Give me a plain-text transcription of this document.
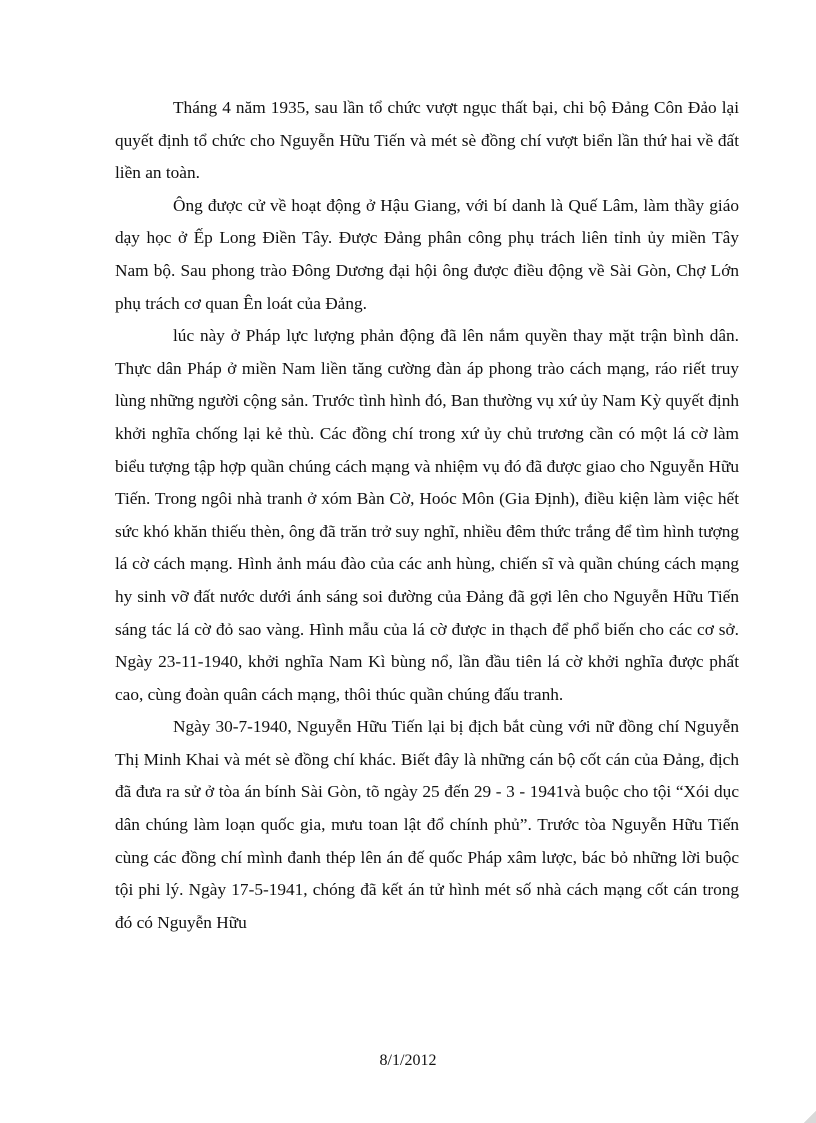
Tháng 4 năm 1935, sau lần tổ chức vượt ngục thất bại, chi bộ Đảng Côn Đảo lại quyết định tổ chức cho Nguyễn Hữu Tiến và mét sè đồng chí vượt biển lần thứ hai về đất liền an toàn.

Ông được cử về hoạt động ở Hậu Giang, với bí danh là Quế Lâm, làm thầy giáo dạy học ở Ếp Long Điền Tây. Được Đảng phân công phụ trách liên tỉnh ủy miền Tây Nam bộ. Sau phong trào Đông Dương đại hội ông được điều động về Sài Gòn, Chợ Lớn phụ trách cơ quan Ên loát của Đảng.

lúc này ở Pháp lực lượng phản động đã lên nắm quyền thay mặt trận bình dân. Thực dân Pháp ở miền Nam liền tăng cường đàn áp phong trào cách mạng, ráo riết truy lùng những người cộng sản. Trước tình hình đó, Ban thường vụ xứ ủy Nam Kỳ quyết định khởi nghĩa chống lại kẻ thù. Các đồng chí trong xứ ủy chủ trương cần có một lá cờ làm biểu tượng tập hợp quần chúng cách mạng và nhiệm vụ đó đã được giao cho Nguyễn Hữu Tiến. Trong ngôi nhà tranh ở xóm Bàn Cờ, Hoóc Môn (Gia Định), điều kiện làm việc hết sức khó khăn thiếu thèn, ông đã trăn trở suy nghĩ, nhiều đêm thức trắng để tìm hình tượng lá cờ cách mạng. Hình ảnh máu đào của các anh hùng, chiến sĩ và quần chúng cách mạng hy sinh vỡ đất nước dưới ánh sáng soi đường của Đảng đã gợi lên cho Nguyễn Hữu Tiến sáng tác lá cờ đỏ sao vàng. Hình mẫu của lá cờ được in thạch để phổ biến cho các cơ sở. Ngày 23-11-1940, khởi nghĩa Nam Kì bùng nổ, lần đầu tiên lá cờ khởi nghĩa được phất cao, cùng đoàn quân cách mạng, thôi thúc quần chúng đấu tranh.

Ngày 30-7-1940, Nguyễn Hữu Tiến lại bị địch bắt cùng với nữ đồng chí Nguyễn Thị Minh Khai và mét sè đồng chí khác. Biết đây là những cán bộ cốt cán của Đảng, địch đã đưa ra sử ở tòa án bính Sài Gòn, tõ ngày 25 đến 29 - 3 - 1941và buộc cho tội “Xói dục dân chúng làm loạn quốc gia, mưu toan lật đổ chính phủ”. Trước tòa Nguyễn Hữu Tiến cùng các đồng chí mình đanh thép lên án đế quốc Pháp xâm lược, bác bỏ những lời buộc tội phi lý. Ngày 17-5-1941, chóng đã kết án tử hình mét số nhà cách mạng cốt cán trong đó có Nguyễn Hữu

8/1/2012
